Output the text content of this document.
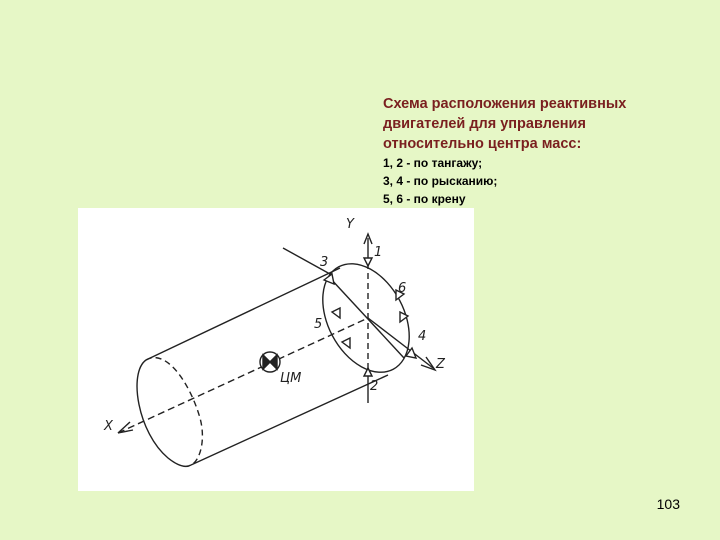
Схема расположения реактивных
двигателей для управления
относительно центра масс:
1, 2 - по тангажу;
3, 4 - по рысканию;
5, 6 - по крену
X
Y
Z
ЦМ
1
2
3
4
5
6
103
